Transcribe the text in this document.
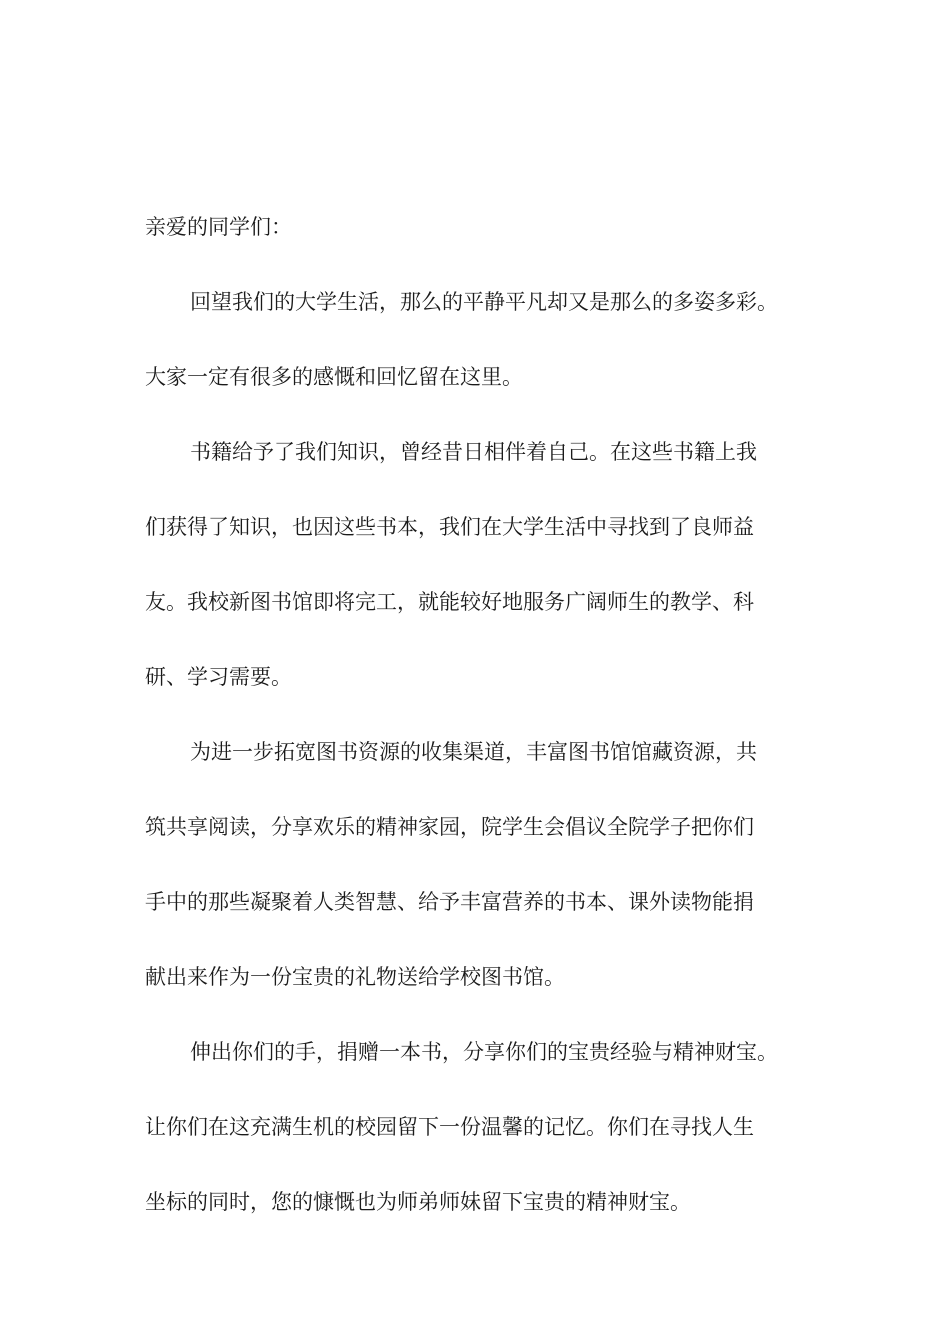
亲爱的同学们：

回望我们的大学生活，那么的平静平凡却又是那么的多姿多彩。

大家一定有很多的感慨和回忆留在这里。

书籍给予了我们知识，曾经昔日相伴着自己。在这些书籍上我

们获得了知识，也因这些书本，我们在大学生活中寻找到了良师益

友。我校新图书馆即将完工，就能较好地服务广阔师生的教学、科

研、学习需要。

为进一步拓宽图书资源的收集渠道，丰富图书馆馆藏资源，共

筑共享阅读，分享欢乐的精神家园，院学生会倡议全院学子把你们

手中的那些凝聚着人类智慧、给予丰富营养的书本、课外读物能捐

献出来作为一份宝贵的礼物送给学校图书馆。

伸出你们的手，捐赠一本书，分享你们的宝贵经验与精神财宝。

让你们在这充满生机的校园留下一份温馨的记忆。你们在寻找人生

坐标的同时，您的慷慨也为师弟师妹留下宝贵的精神财宝。
